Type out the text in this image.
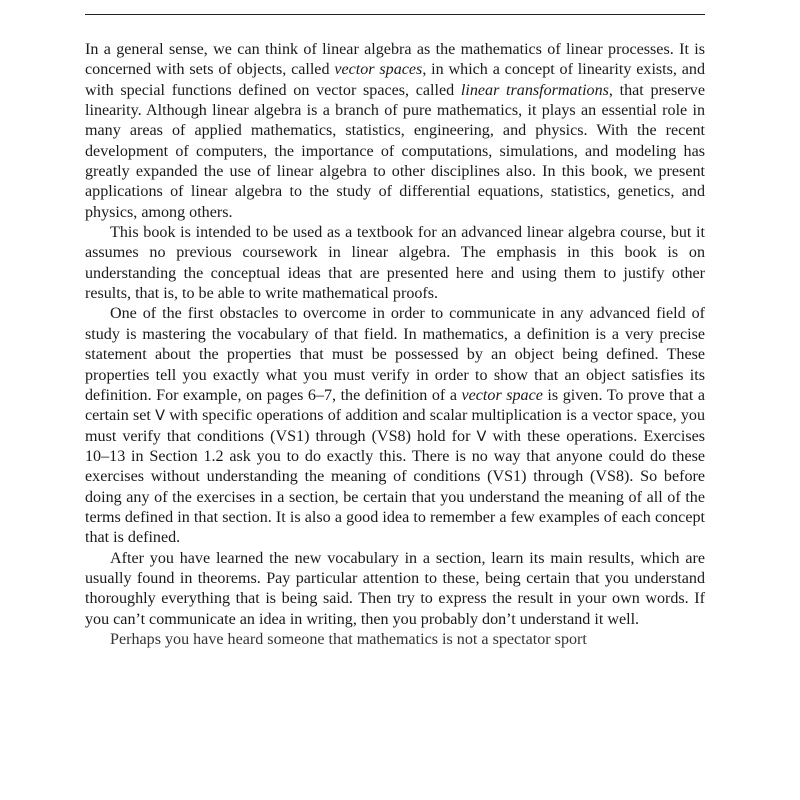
In a general sense, we can think of linear algebra as the mathematics of linear processes. It is concerned with sets of objects, called vector spaces, in which a concept of linearity exists, and with special functions defined on vector spaces, called linear transformations, that preserve linearity. Although linear algebra is a branch of pure mathematics, it plays an essential role in many areas of applied mathematics, statistics, engineering, and physics. With the recent development of computers, the importance of computations, simulations, and modeling has greatly expanded the use of linear algebra to other disciplines also. In this book, we present applications of linear algebra to the study of differential equations, statistics, genetics, and physics, among others.

This book is intended to be used as a textbook for an advanced linear algebra course, but it assumes no previous coursework in linear algebra. The emphasis in this book is on understanding the conceptual ideas that are presented here and using them to justify other results, that is, to be able to write mathematical proofs.

One of the first obstacles to overcome in order to communicate in any advanced field of study is mastering the vocabulary of that field. In mathematics, a definition is a very precise statement about the properties that must be possessed by an object being defined. These properties tell you exactly what you must verify in order to show that an object satisfies its definition. For example, on pages 6–7, the definition of a vector space is given. To prove that a certain set V with specific operations of addition and scalar multiplication is a vector space, you must verify that conditions (VS1) through (VS8) hold for V with these operations. Exercises 10–13 in Section 1.2 ask you to do exactly this. There is no way that anyone could do these exercises without understanding the meaning of conditions (VS1) through (VS8). So before doing any of the exercises in a section, be certain that you understand the meaning of all of the terms defined in that section. It is also a good idea to remember a few examples of each concept that is defined.

After you have learned the new vocabulary in a section, learn its main results, which are usually found in theorems. Pay particular attention to these, being certain that you understand thoroughly everything that is being said. Then try to express the result in your own words. If you can’t communicate an idea in writing, then you probably don’t understand it well.

Perhaps you have heard someone that mathematics is not a spectator sport
